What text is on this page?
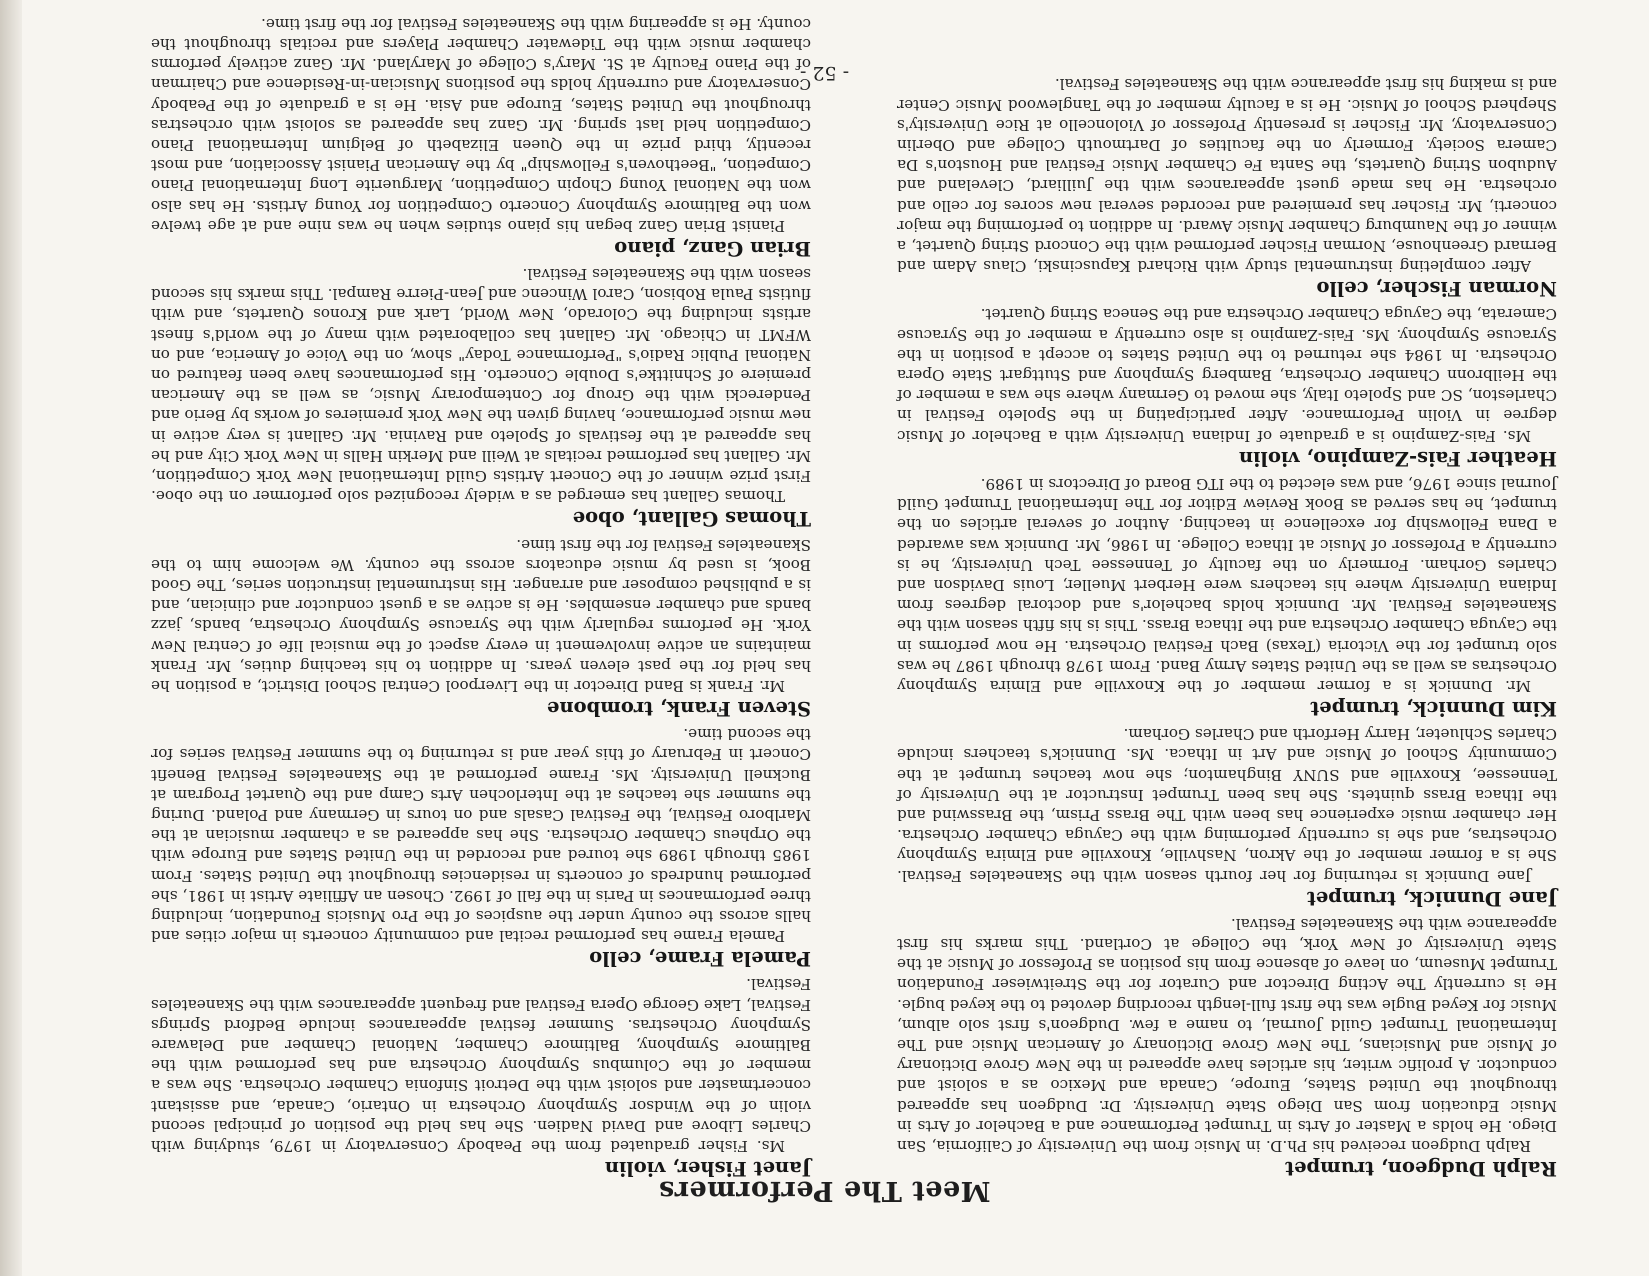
Meet The Performers
Ralph Dudgeon, trumpet

Ralph Dudgeon received his Ph.D. in Music from the University of California, San Diego. He holds a Master of Arts in Trumpet Performance and a Bachelor of Arts in Music Education from San Diego State University. Dr. Dudgeon has appeared throughout the United States, Europe, Canada and Mexico as a soloist and conductor. A prolific writer, his articles have appeared in the New Grove Dictionary of Music and Musicians, The New Grove Dictionary of American Music and The International Trumpet Guild Journal, to name a few. Dudgeon's first solo album, Music for Keyed Bugle was the first full-length recording devoted to the keyed bugle. He is currently The Acting Director and Curator for the Streitwieser Foundation Trumpet Museum, on leave of absence from his position as Professor of Music at the State University of New York, the College at Cortland. This marks his first appearance with the Skaneateles Festival.

Jane Dunnick, trumpet

Jane Dunnick is returning for her fourth season with the Skaneateles Festival. She is a former member of the Akron, Nashville, Knoxville and Elmira Symphony Orchestras, and she is currently performing with the Cayuga Chamber Orchestra. Her chamber music experience has been with The Brass Prism, the Brasswind and the Ithaca Brass quintets. She has been Trumpet Instructor at the University of Tennessee, Knoxville and SUNY Binghamton; she now teaches trumpet at the Community School of Music and Art in Ithaca. Ms. Dunnick's teachers include Charles Schlueter, Harry Herforth and Charles Gorham.

Kim Dunnick, trumpet

Mr. Dunnick is a former member of the Knoxville and Elmira Symphony Orchestras as well as the United States Army Band. From 1978 through 1987 he was solo trumpet for the Victoria (Texas) Bach Festival Orchestra. He now performs in the Cayuga Chamber Orchestra and the Ithaca Brass. This is his fifth season with the Skaneateles Festival. Mr. Dunnick holds bachelor's and doctoral degrees from Indiana University where his teachers were Herbert Mueller, Louis Davidson and Charles Gorham. Formerly on the faculty of Tennessee Tech University, he is currently a Professor of Music at Ithaca College. In 1986, Mr. Dunnick was awarded a Dana Fellowship for excellence in teaching. Author of several articles on the trumpet, he has served as Book Review Editor for The International Trumpet Guild Journal since 1976, and was elected to the ITG Board of Directors in 1989.

Heather Fais-Zampino, violin

Ms. Fais-Zampino is a graduate of Indiana University with a Bachelor of Music degree in Violin Performance. After participating in the Spoleto Festival in Charleston, SC and Spoleto Italy, she moved to Germany where she was a member of the Heilbronn Chamber Orchestra, Bamberg Symphony and Stuttgart State Opera Orchestra. In 1984 she returned to the United States to accept a position in the Syracuse Symphony. Ms. Fais-Zampino is also currently a member of the Syracuse Camerata, the Cayuga Chamber Orchestra and the Seneca String Quartet.

Norman Fischer, cello

After completing instrumental study with Richard Kapuscinski, Claus Adam and Bernard Greenhouse, Norman Fischer performed with the Concord String Quartet, a winner of the Naumburg Chamber Music Award. In addition to performing the major concerti, Mr. Fischer has premiered and recorded several new scores for cello and orchestra. He has made guest appearances with the Juilliard, Cleveland and Audubon String Quartets, the Santa Fe Chamber Music Festival and Houston's Da Camera Society. Formerly on the faculties of Dartmouth College and Oberlin Conservatory, Mr. Fischer is presently Professor of Violoncello at Rice University's Shepherd School of Music. He is a faculty member of the Tanglewood Music Center and is making his first appearance with the Skaneateles Festival.

Janet Fisher, violin

Ms. Fisher graduated from the Peabody Conservatory in 1979, studying with Charles Libove and David Nadien. She has held the position of principal second violin of the Windsor Symphony Orchestra in Ontario, Canada, and assistant concertmaster and soloist with the Detroit Sinfonia Chamber Orchestra. She was a member of the Columbus Symphony Orchestra and has performed with the Baltimore Symphony, Baltimore Chamber, National Chamber and Delaware Symphony Orchestras. Summer festival appearances include Bedford Springs Festival, Lake George Opera Festival and frequent appearances with the Skaneateles Festival.

Pamela Frame, cello

Pamela Frame has performed recital and community concerts in major cities and halls across the county under the auspices of the Pro Musicis Foundation, including three performances in Paris in the fall of 1992. Chosen an Affiliate Artist in 1981, she performed hundreds of concerts in residencies throughout the United States. From 1985 through 1989 she toured and recorded in the United States and Europe with the Orpheus Chamber Orchestra. She has appeared as a chamber musician at the Marlboro Festival, the Festival Casals and on tours in Germany and Poland. During the summer she teaches at the Interlochen Arts Camp and the Quartet Program at Bucknell University. Ms. Frame performed at the Skaneateles Festival Benefit Concert in February of this year and is returning to the summer Festival series for the second time.

Steven Frank, trombone

Mr. Frank is Band Director in the Liverpool Central School District, a position he has held for the past eleven years. In addition to his teaching duties, Mr. Frank maintains an active involvement in every aspect of the musical life of Central New York. He performs regularly with the Syracuse Symphony Orchestra, bands, jazz bands and chamber ensembles. He is active as a guest conductor and clinician, and is a published composer and arranger. His instrumental instruction series, The Good Book, is used by music educators across the county. We welcome him to the Skaneateles Festival for the first time.

Thomas Gallant, oboe

Thomas Gallant has emerged as a widely recognized solo performer on the oboe. First prize winner of the Concert Artists Guild International New York Competition, Mr. Gallant has performed recitals at Weill and Merkin Halls in New York City and he has appeared at the festivals of Spoleto and Ravinia. Mr. Gallant is very active in new music performance, having given the New York premieres of works by Berio and Penderecki with the Group for Contemporary Music, as well as the American premiere of Schnittke's Double Concerto. His performances have been featured on National Public Radio's "Performance Today" show, on the Voice of America, and on WFMT in Chicago. Mr. Gallant has collaborated with many of the world's finest artists including the Colorado, New World, Lark and Kronos Quartets, and with flutists Paula Robison, Carol Wincenc and Jean-Pierre Rampal. This marks his second season with the Skaneateles Festival.

Brian Ganz, piano

Pianist Brian Ganz began his piano studies when he was nine and at age twelve won the Baltimore Symphony Concerto Competition for Young Artists. He has also won the National Young Chopin Competition, Marguerite Long International Piano Competion, "Beethoven's Fellowship" by the American Pianist Association, and most recently, third prize in the Queen Elizabeth of Belgium International Piano Competition held last spring. Mr. Ganz has appeared as soloist with orchestras throughout the United States, Europe and Asia. He is a graduate of the Peabody Conservatory and currently holds the positions Musician-in-Residence and Chairman of the Piano Faculty at St. Mary's College of Maryland. Mr. Ganz actively performs chamber music with the Tidewater Chamber Players and recitals throughout the county. He is appearing with the Skaneateles Festival for the first time.

- 52 -
